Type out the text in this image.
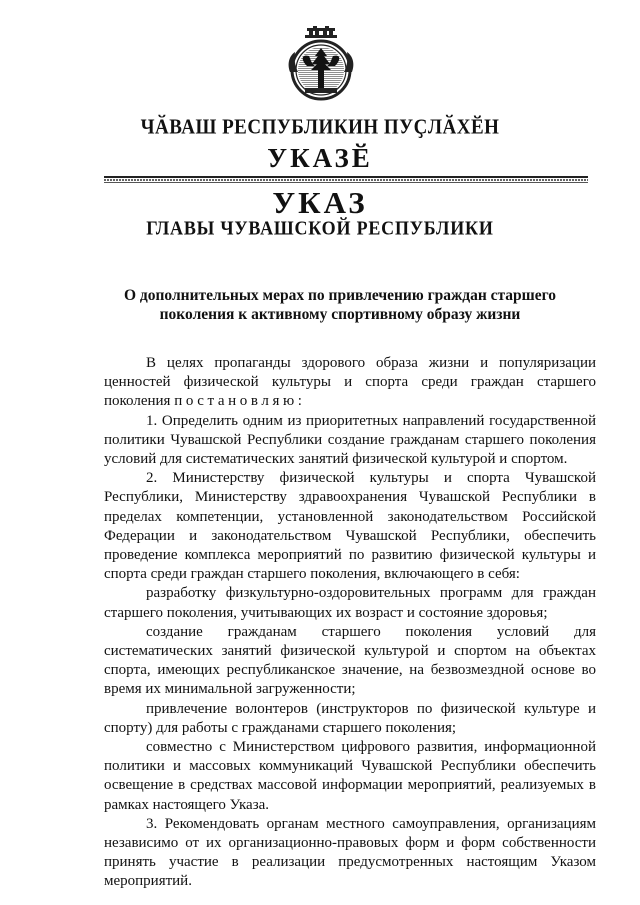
ЧӐВАШ РЕСПУБЛИКИН ПУҪЛӐХӖН
УКАЗӖ
УКАЗ
ГЛАВЫ ЧУВАШСКОЙ РЕСПУБЛИКИ
О дополнительных мерах по привлечению граждан старшего поколения к активному спортивному образу жизни

В целях пропаганды здорового образа жизни и популяризации ценностей физической культуры и спорта среди граждан старшего поколения постановляю:

1. Определить одним из приоритетных направлений государственной политики Чувашской Республики создание гражданам старшего поколения условий для систематических занятий физической культурой и спортом.

2. Министерству физической культуры и спорта Чувашской Республики, Министерству здравоохранения Чувашской Республики в пределах компетенции, установленной законодательством Российской Федерации и законодательством Чувашской Республики, обеспечить проведение комплекса мероприятий по развитию физической культуры и спорта среди граждан старшего поколения, включающего в себя:

разработку физкультурно-оздоровительных программ для граждан старшего поколения, учитывающих их возраст и состояние здоровья;

создание гражданам старшего поколения условий для систематических занятий физической культурой и спортом на объектах спорта, имеющих республиканское значение, на безвозмездной основе во время их минимальной загруженности;

привлечение волонтеров (инструкторов по физической культуре и спорту) для работы с гражданами старшего поколения;

совместно с Министерством цифрового развития, информационной политики и массовых коммуникаций Чувашской Республики обеспечить освещение в средствах массовой информации мероприятий, реализуемых в рамках настоящего Указа.

3. Рекомендовать органам местного самоуправления, организациям независимо от их организационно-правовых форм и форм собственности принять участие в реализации предусмотренных настоящим Указом мероприятий.
